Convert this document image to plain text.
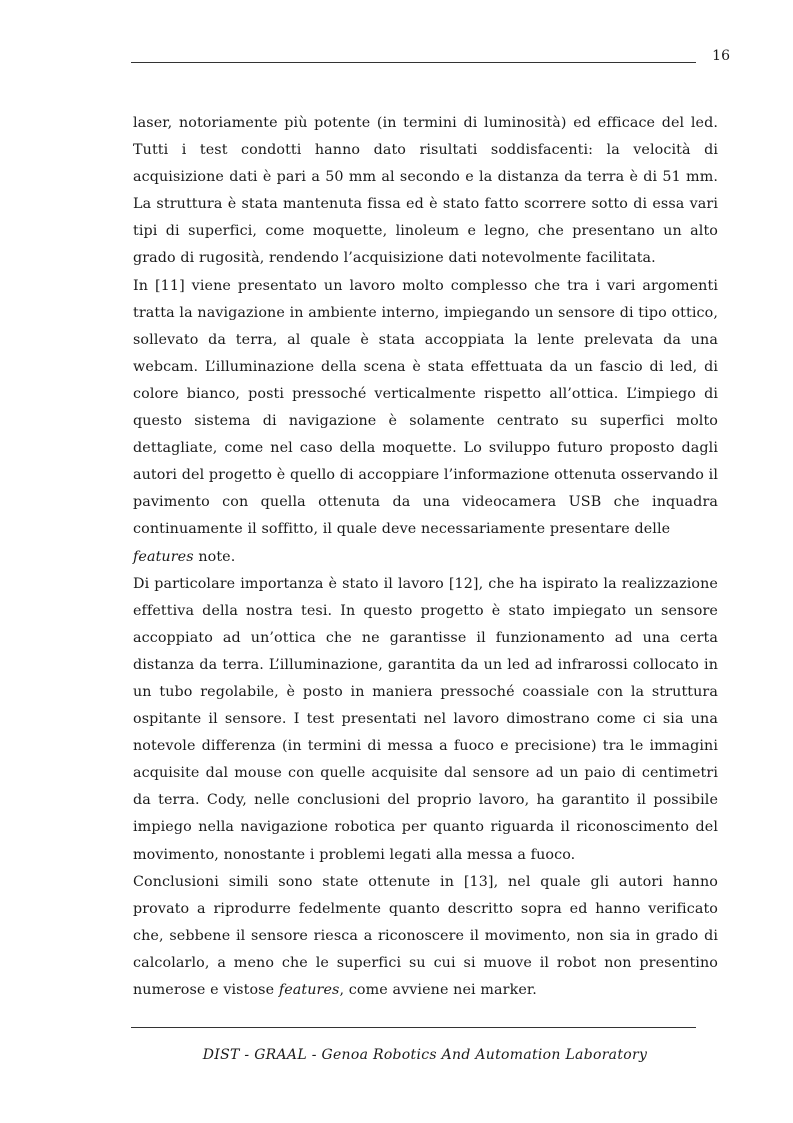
16

laser, notoriamente più potente (in termini di luminosità) ed efficace del led. Tutti i test condotti hanno dato risultati soddisfacenti: la velocità di acquisizione dati è pari a 50 mm al secondo e la distanza da terra è di 51 mm. La struttura è stata mantenuta fissa ed è stato fatto scorrere sotto di essa vari tipi di superfici, come moquette, linoleum e legno, che presentano un alto grado di rugosità, rendendo l’acquisizione dati notevolmente facilitata.

In [11] viene presentato un lavoro molto complesso che tra i vari argomenti tratta la navigazione in ambiente interno, impiegando un sensore di tipo ottico, sollevato da terra, al quale è stata accoppiata la lente prelevata da una webcam. L’illuminazione della scena è stata effettuata da un fascio di led, di colore bianco, posti pressoché verticalmente rispetto all’ottica. L’impiego di questo sistema di navigazione è solamente centrato su superfici molto dettagliate, come nel caso della moquette. Lo sviluppo futuro proposto dagli autori del progetto è quello di accoppiare l’informazione ottenuta osservando il pavimento con quella ottenuta da una videocamera USB che inquadra continuamente il soffitto, il quale deve necessariamente presentare delle
features note.

Di particolare importanza è stato il lavoro [12], che ha ispirato la realizzazione effettiva della nostra tesi. In questo progetto è stato impiegato un sensore accoppiato ad un’ottica che ne garantisse il funzionamento ad una certa distanza da terra. L’illuminazione, garantita da un led ad infrarossi collocato in un tubo regolabile, è posto in maniera pressoché coassiale con la struttura ospitante il sensore. I test presentati nel lavoro dimostrano come ci sia una notevole differenza (in termini di messa a fuoco e precisione) tra le immagini acquisite dal mouse con quelle acquisite dal sensore ad un paio di centimetri da terra. Cody, nelle conclusioni del proprio lavoro, ha garantito il possibile impiego nella navigazione robotica per quanto riguarda il riconoscimento del movimento, nonostante i problemi legati alla messa a fuoco.

Conclusioni simili sono state ottenute in [13], nel quale gli autori hanno provato a riprodurre fedelmente quanto descritto sopra ed hanno verificato che, sebbene il sensore riesca a riconoscere il movimento, non sia in grado di calcolarlo, a meno che le superfici su cui si muove il robot non presentino numerose e vistose features, come avviene nei marker.

DIST - GRAAL - Genoa Robotics And Automation Laboratory
